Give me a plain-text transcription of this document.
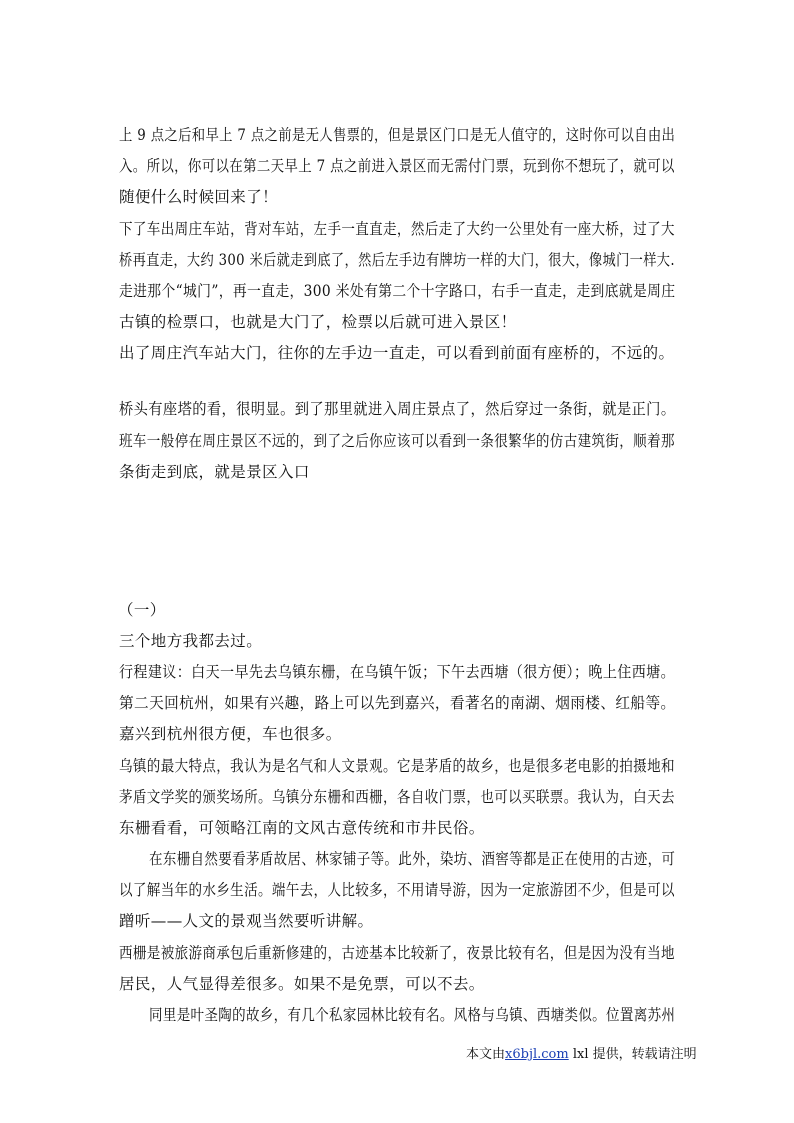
上 9 点之后和早上 7 点之前是无人售票的，但是景区门口是无人值守的，这时你可以自由出
入。所以，你可以在第二天早上 7 点之前进入景区而无需付门票，玩到你不想玩了，就可以
随便什么时候回来了！
下了车出周庄车站，背对车站，左手一直直走，然后走了大约一公里处有一座大桥，过了大
桥再直走，大约 300 米后就走到底了，然后左手边有牌坊一样的大门，很大，像城门一样大.
走进那个“城门”，再一直走，300 米处有第二个十字路口，右手一直走，走到底就是周庄
古镇的检票口，也就是大门了，检票以后就可进入景区！
出了周庄汽车站大门，往你的左手边一直走，可以看到前面有座桥的，不远的。
桥头有座塔的看，很明显。到了那里就进入周庄景点了，然后穿过一条街，就是正门。
班车一般停在周庄景区不远的，到了之后你应该可以看到一条很繁华的仿古建筑街，顺着那
条街走到底，就是景区入口
（一）
三个地方我都去过。
行程建议：白天一早先去乌镇东栅，在乌镇午饭；下午去西塘（很方便）；晚上住西塘。
第二天回杭州，如果有兴趣，路上可以先到嘉兴，看著名的南湖、烟雨楼、红船等。
嘉兴到杭州很方便，车也很多。
乌镇的最大特点，我认为是名气和人文景观。它是茅盾的故乡，也是很多老电影的拍摄地和
茅盾文学奖的颁奖场所。乌镇分东栅和西栅，各自收门票，也可以买联票。我认为，白天去
东栅看看，可领略江南的文风古意传统和市井民俗。
在东栅自然要看茅盾故居、林家铺子等。此外，染坊、酒窖等都是正在使用的古迹，可
以了解当年的水乡生活。端午去，人比较多，不用请导游，因为一定旅游团不少，但是可以
蹭听——人文的景观当然要听讲解。
西栅是被旅游商承包后重新修建的，古迹基本比较新了，夜景比较有名，但是因为没有当地
居民，人气显得差很多。如果不是免票，可以不去。
同里是叶圣陶的故乡，有几个私家园林比较有名。风格与乌镇、西塘类似。位置离苏州
本文由x6bjl.com lxl 提供，转载请注明
